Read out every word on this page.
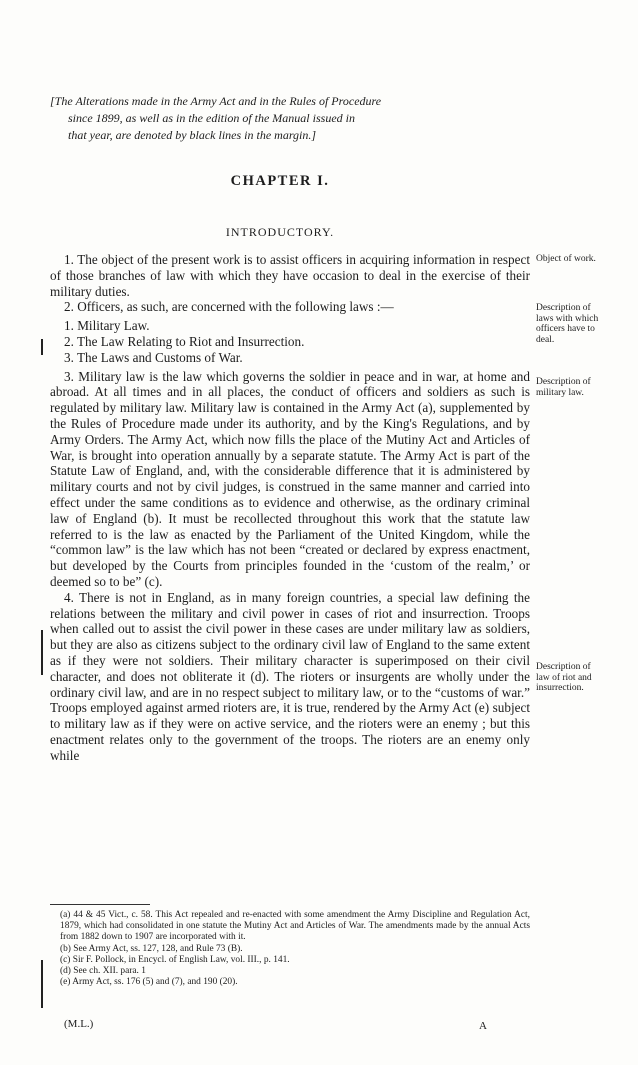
[The Alterations made in the Army Act and in the Rules of Procedure
since 1899, as well as in the edition of the Manual issued in
that year, are denoted by black lines in the margin.]
CHAPTER I.
INTRODUCTORY.

1. The object of the present work is to assist officers in acquiring information in respect of those branches of law with which they have occasion to deal in the exercise of their military duties.

2. Officers, as such, are concerned with the following laws :—

1. Military Law.
2. The Law Relating to Riot and Insurrection.
3. The Laws and Customs of War.

3. Military law is the law which governs the soldier in peace and in war, at home and abroad. At all times and in all places, the conduct of officers and soldiers as such is regulated by military law. Military law is contained in the Army Act (a), supplemented by the Rules of Procedure made under its authority, and by the King's Regulations, and by Army Orders. The Army Act, which now fills the place of the Mutiny Act and Articles of War, is brought into operation annually by a separate statute. The Army Act is part of the Statute Law of England, and, with the considerable difference that it is administered by military courts and not by civil judges, is construed in the same manner and carried into effect under the same conditions as to evidence and otherwise, as the ordinary criminal law of England (b). It must be recollected throughout this work that the statute law referred to is the law as enacted by the Parliament of the United Kingdom, while the “common law” is the law which has not been “created or declared by express enactment, but developed by the Courts from principles founded in the ‘custom of the realm,’ or deemed so to be” (c).

4. There is not in England, as in many foreign countries, a special law defining the relations between the military and civil power in cases of riot and insurrection. Troops when called out to assist the civil power in these cases are under military law as soldiers, but they are also as citizens subject to the ordinary civil law of England to the same extent as if they were not soldiers. Their military character is superimposed on their civil character, and does not obliterate it (d). The rioters or insurgents are wholly under the ordinary civil law, and are in no respect subject to military law, or to the “customs of war.” Troops employed against armed rioters are, it is true, rendered by the Army Act (e) subject to military law as if they were on active service, and the rioters were an enemy ; but this enactment relates only to the government of the troops. The rioters are an enemy only while

Object of work.
Description of laws with which officers have to deal.
Description of military law.
Description of law of riot and insurrection.

(a) 44 & 45 Vict., c. 58. This Act repealed and re-enacted with some amendment the Army Discipline and Regulation Act, 1879, which had consolidated in one statute the Mutiny Act and Articles of War. The amendments made by the annual Acts from 1882 down to 1907 are incorporated with it.

(b) See Army Act, ss. 127, 128, and Rule 73 (B).

(c) Sir F. Pollock, in Encycl. of English Law, vol. III., p. 141.

(d) See ch. XII. para. 1

(e) Army Act, ss. 176 (5) and (7), and 190 (20).

(M.L.)	A
